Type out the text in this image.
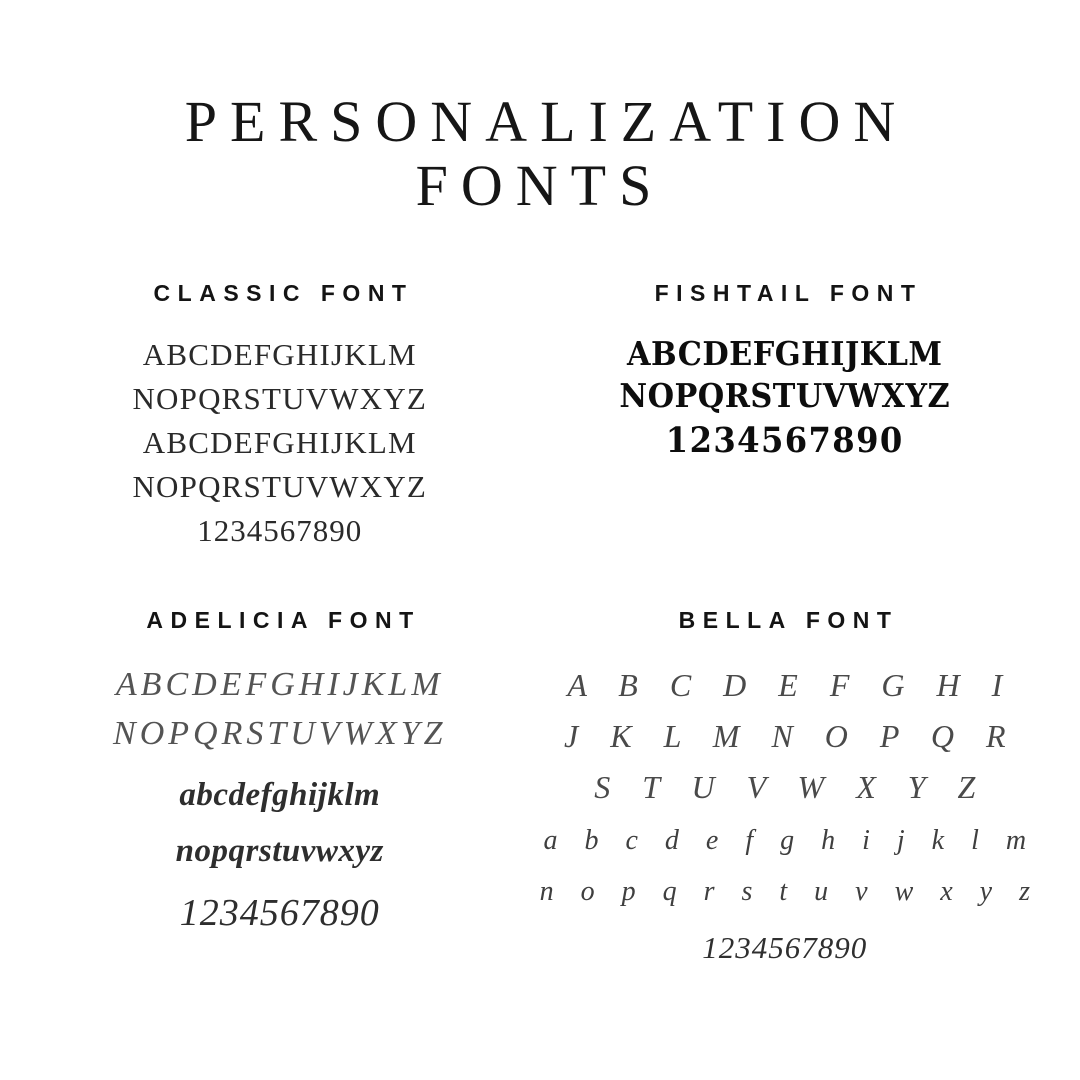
PERSONALIZATION FONTS
CLASSIC FONT
ABCDEFGHIJKLM
NOPQRSTUVWXYZ
ABCDEFGHIJKLM
NOPQRSTUVWXYZ
1234567890
FISHTAIL FONT
ABCDEFGHIJKLM
NOPQRSTUVWXYZ
1234567890
ADELICIA FONT
ABCDEFGHIJKLM
NOPQRSTUVWXYZ
abcdefghijklm
nopqrstuvwxyz
1234567890
BELLA FONT
A B C D E F G H I
J K L M N O P Q R
S T U V W X Y Z
a b c d e f g h i j k l m
n o p q r s t u v w x y z
1234567890
